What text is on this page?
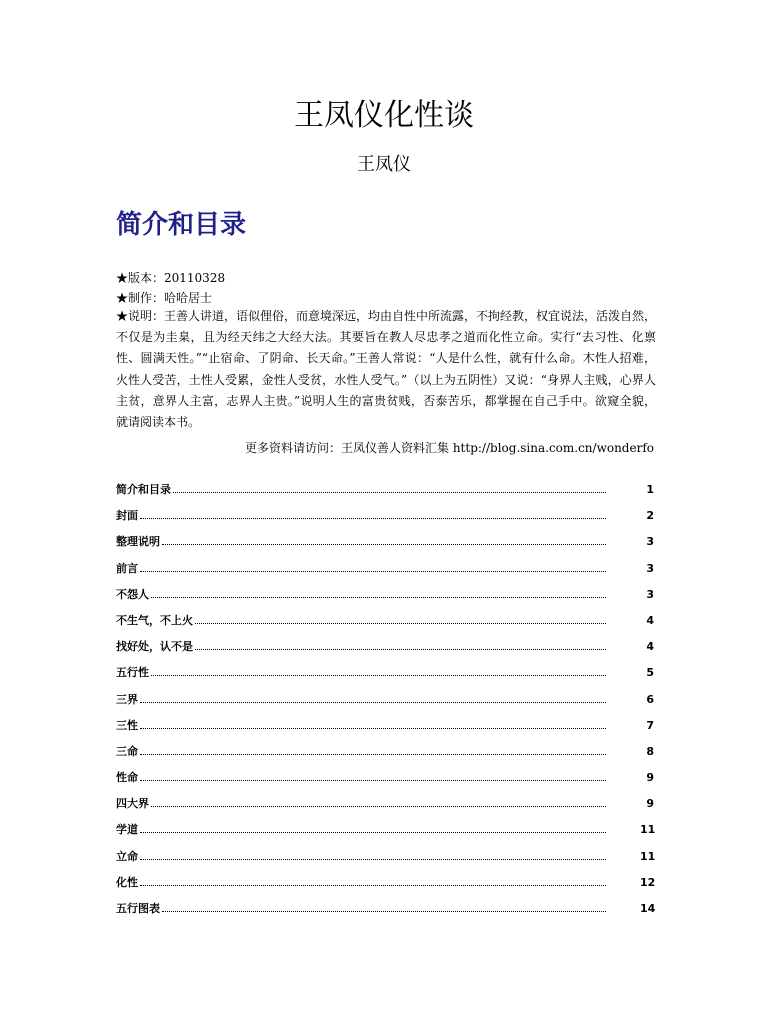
王凤仪化性谈
王凤仪
简介和目录
★版本：20110328
★制作：哈哈居士

★说明：王善人讲道，语似俚俗，而意境深远，均由自性中所流露，不拘经教，权宜说法，活泼自然，不仅是为圭臬，且为经天纬之大经大法。其要旨在教人尽忠孝之道而化性立命。实行“去习性、化禀性、圆满天性。”“止宿命、了阴命、长天命。”王善人常说：“人是什么性，就有什么命。木性人招难，火性人受苦，土性人受累，金性人受贫，水性人受气。”（以上为五阴性）又说：“身界人主贱，心界人主贫，意界人主富，志界人主贵。”说明人生的富贵贫贱，否泰苦乐，都掌握在自己手中。欲窥全貌，就请阅读本书。

更多资料请访问：王凤仪善人资料汇集 http://blog.sina.com.cn/wonderfo
简介和目录	1
封面	2
整理说明	3
前言	3
不怨人	3
不生气，不上火	4
找好处，认不是	4
五行性	5
三界	6
三性	7
三命	8
性命	9
四大界	9
学道	11
立命	11
化性	12
五行图表	14
